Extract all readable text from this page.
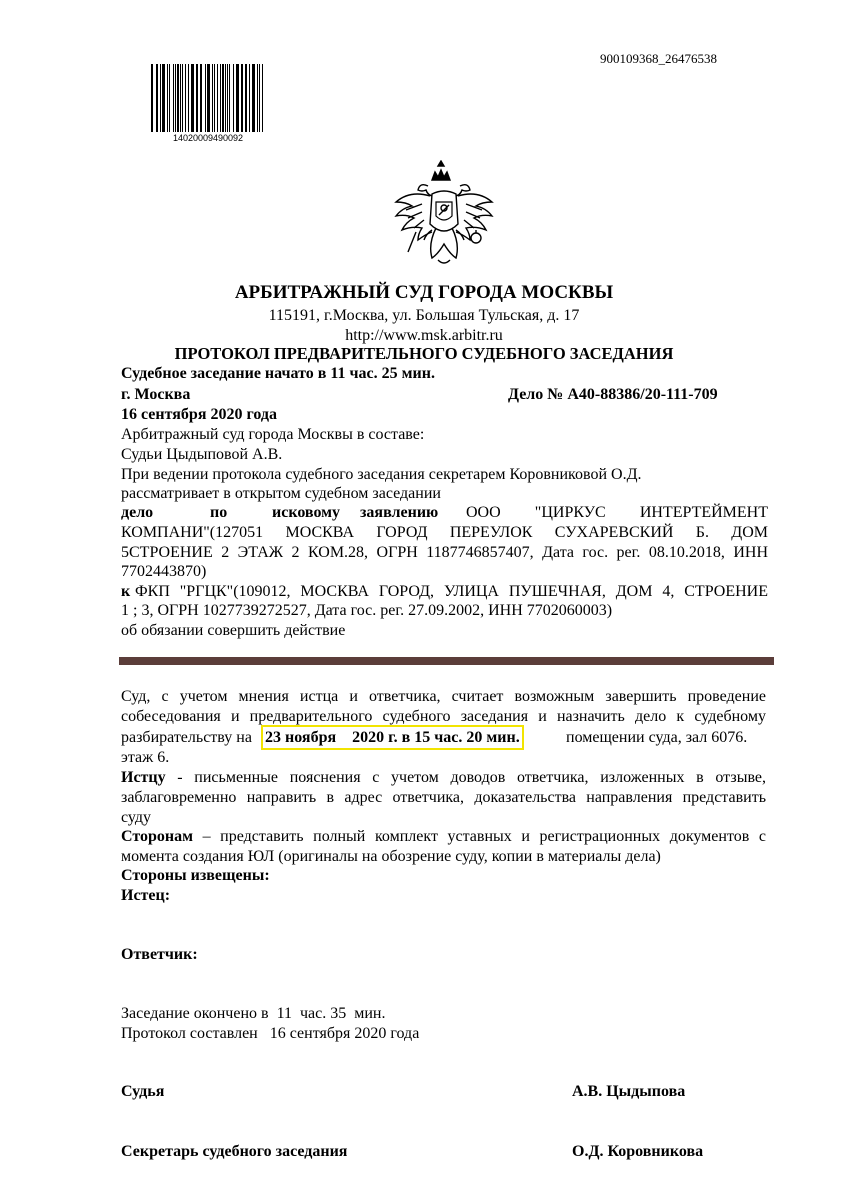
900109368_26476538
14020009490092
АРБИТРАЖНЫЙ СУД ГОРОДА МОСКВЫ
115191, г.Москва, ул. Большая Тульская, д. 17
http://www.msk.arbitr.ru
ПРОТОКОЛ ПРЕДВАРИТЕЛЬНОГО СУДЕБНОГО ЗАСЕДАНИЯ
Судебное заседание начато в 11 час. 25 мин.
г. Москва	Дело № А40-88386/20-111-709
16 сентября 2020 года
Арбитражный суд города Москвы в составе:
Судьи Цыдыповой А.В.
При ведении протокола судебного заседания секретарем Коровниковой О.Д.
рассматривает в открытом судебном заседании
дело	по	исковому заявлению ООО    "ЦИРКУС    ИНТЕРТЕЙМЕНТ
КОМПАНИ"(127051 МОСКВА ГОРОД ПЕРЕУЛОК СУХАРЕВСКИЙ Б. ДОМ
5СТРОЕНИЕ 2 ЭТАЖ 2 КОМ.28, ОГРН 1187746857407, Дата гос. рег. 08.10.2018, ИНН
7702443870)
к ФКП "РГЦК"(109012, МОСКВА ГОРОД, УЛИЦА ПУШЕЧНАЯ, ДОМ 4, СТРОЕНИЕ
1 ; 3, ОГРН 1027739272527, Дата гос. рег. 27.09.2002, ИНН 7702060003)
об обязании совершить действие
Суд, с учетом мнения истца и ответчика, считает возможным завершить проведение
собеседования и предварительного судебного заседания и назначить дело к судебному
разбирательству на 23 ноября    2020 г. в 15 час. 20 мин.	помещении суда, зал 6076.
этаж 6.
Истцу - письменные пояснения с учетом доводов ответчика, изложенных в отзыве,
заблаговременно направить в адрес ответчика, доказательства направления представить
суду
Сторонам – представить полный комплект уставных и регистрационных документов с
момента создания ЮЛ (оригиналы на обозрение суду, копии в материалы дела)
Стороны извещены:
Истец:
Ответчик:
Заседание окончено в  11  час. 35  мин.
Протокол составлен   16 сентября 2020 года
Судья	А.В. Цыдыпова
Секретарь судебного заседания	О.Д. Коровникова
